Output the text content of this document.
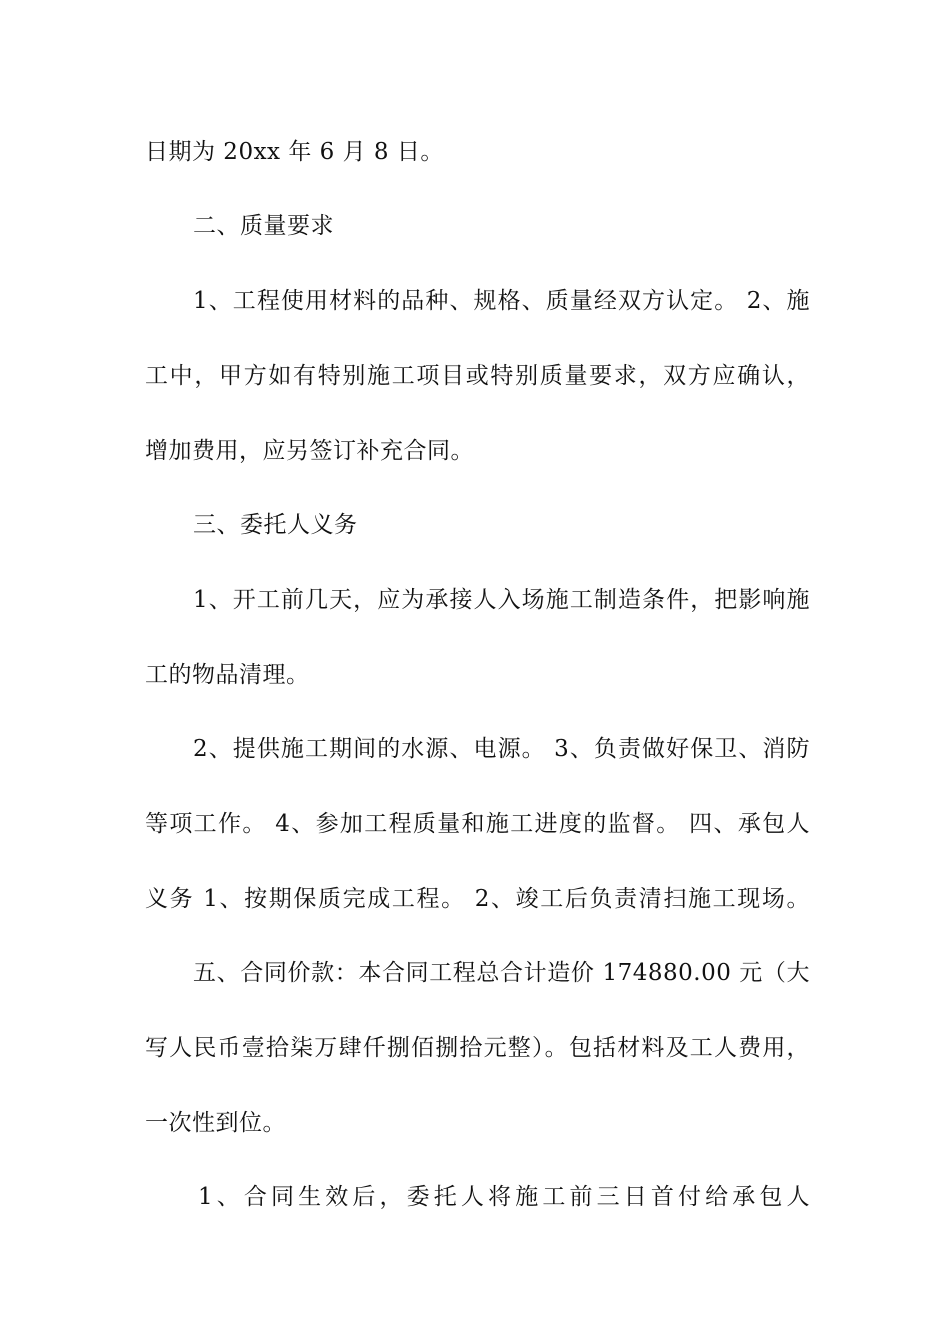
日期为 20xx 年 6 月 8 日。
二、质量要求
1、工程使用材料的品种、规格、质量经双方认定。 2、施
工中，甲方如有特别施工项目或特别质量要求，双方应确认，
增加费用，应另签订补充合同。
三、委托人义务
1、开工前几天，应为承接人入场施工制造条件，把影响施
工的物品清理。
2、提供施工期间的水源、电源。 3、负责做好保卫、消防
等项工作。 4、参加工程质量和施工进度的监督。 四、承包人
义务 1、按期保质完成工程。 2、竣工后负责清扫施工现场。
五、合同价款：本合同工程总合计造价 174880.00 元（大
写人民币壹拾柒万肆仟捌佰捌拾元整）。包括材料及工人费用，
一次性到位。
1、合同生效后，委托人将施工前三日首付给承包人
